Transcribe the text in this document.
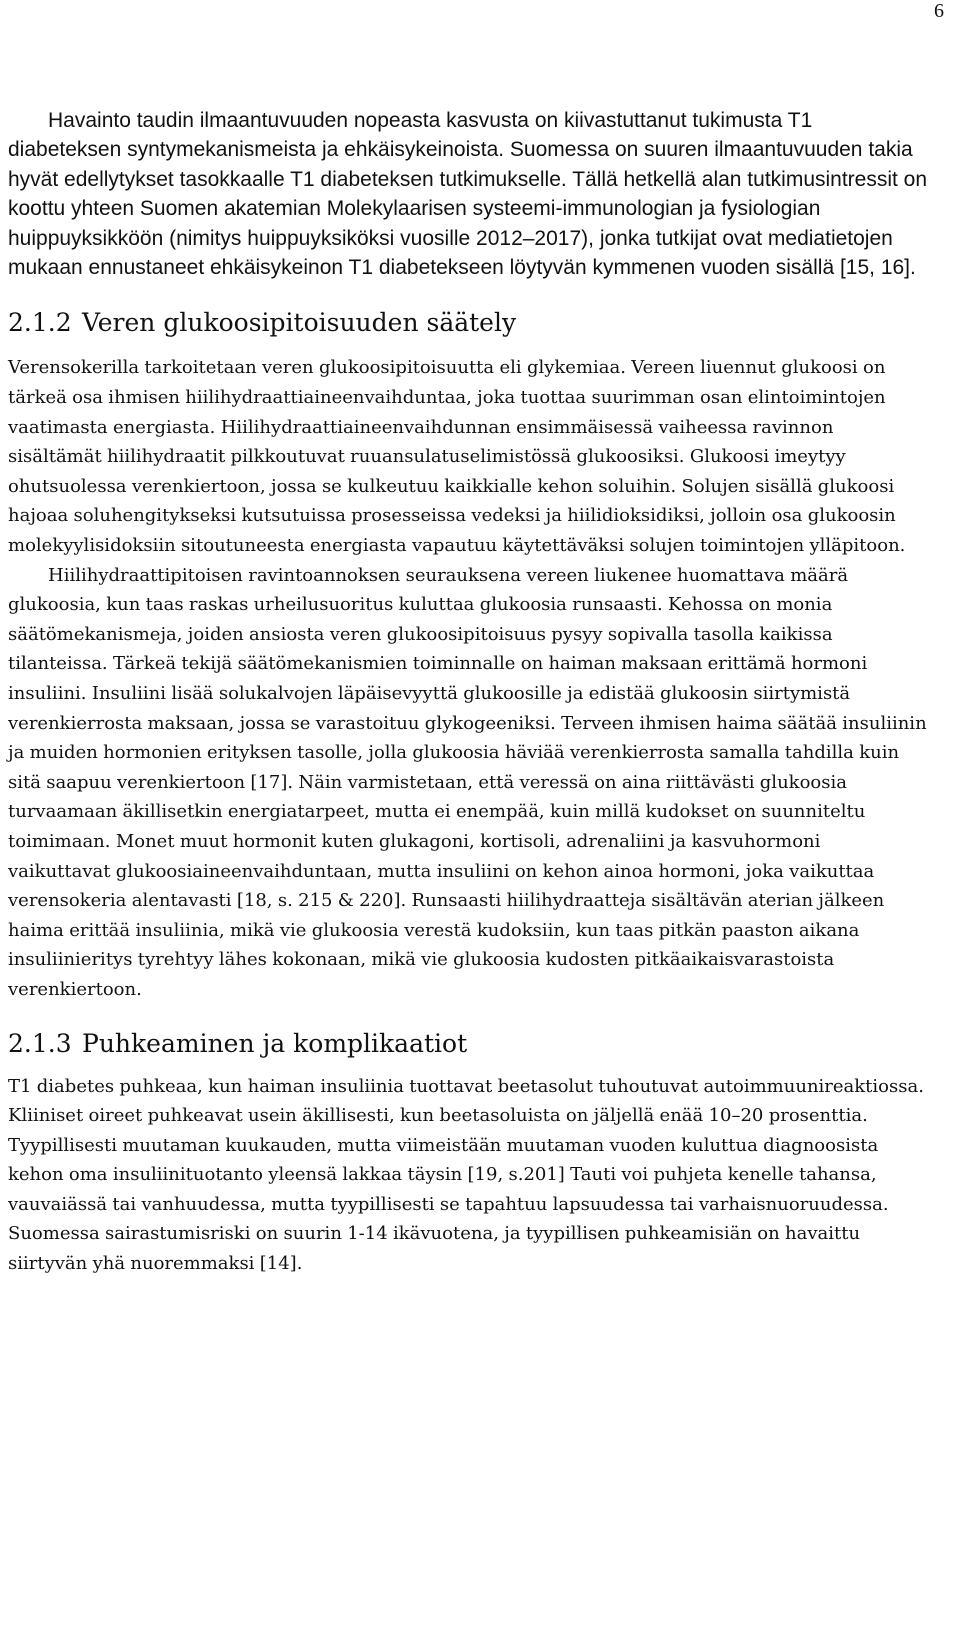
6

Havainto taudin ilmaantuvuuden nopeasta kasvusta on kiivastuttanut tukimusta T1 diabeteksen syntymekanismeista ja ehkäisykeinoista. Suomessa on suuren ilmaantuvuuden takia hyvät edellytykset tasokkaalle T1 diabeteksen tutkimukselle. Tällä hetkellä alan tutkimusintressit on koottu yhteen Suomen akatemian Molekylaarisen systeemi-immunologian ja fysiologian huippuyksikköön (nimitys huippuyksiköksi vuosille 2012–2017), jonka tutkijat ovat mediatietojen mukaan ennustaneet ehkäisykeinon T1 diabetekseen löytyvän kymmenen vuoden sisällä [15, 16].

2.1.2 Veren glukoosipitoisuuden säätely

Verensokerilla tarkoitetaan veren glukoosipitoisuutta eli glykemiaa. Vereen liuennut glukoosi on tärkeä osa ihmisen hiilihydraattiaineenvaihduntaa, joka tuottaa suurimman osan elintoimintojen vaatimasta energiasta. Hiilihydraattiaineenvaihdunnan ensimmäisessä vaiheessa ravinnon sisältämät hiilihydraatit pilkkoutuvat ruuansulatuselimistössä glukoosiksi. Glukoosi imeytyy ohutsuolessa verenkiertoon, jossa se kulkeutuu kaikkialle kehon soluihin. Solujen sisällä glukoosi hajoaa soluhengitykseksi kutsutuissa prosesseissa vedeksi ja hiilidioksidiksi, jolloin osa glukoosin molekyylisidoksiin sitoutuneesta energiasta vapautuu käytettäväksi solujen toimintojen ylläpitoon.

Hiilihydraattipitoisen ravintoannoksen seurauksena vereen liukenee huomattava määrä glukoosia, kun taas raskas urheilusuoritus kuluttaa glukoosia runsaasti. Kehossa on monia säätömekanismeja, joiden ansiosta veren glukoosipitoisuus pysyy sopivalla tasolla kaikissa tilanteissa. Tärkeä tekijä säätömekanismien toiminnalle on haiman maksaan erittämä hormoni insuliini. Insuliini lisää solukalvojen läpäisevyyttä glukoosille ja edistää glukoosin siirtymistä verenkierrosta maksaan, jossa se varastoituu glykogeeniksi. Terveen ihmisen haima säätää insuliinin ja muiden hormonien erityksen tasolle, jolla glukoosia häviää verenkierrosta samalla tahdilla kuin sitä saapuu verenkiertoon [17]. Näin varmistetaan, että veressä on aina riittävästi glukoosia turvaamaan äkillisetkin energiatarpeet, mutta ei enempää, kuin millä kudokset on suunniteltu toimimaan. Monet muut hormonit kuten glukagoni, kortisoli, adrenaliini ja kasvuhormoni vaikuttavat glukoosiaineenvaihduntaan, mutta insuliini on kehon ainoa hormoni, joka vaikuttaa verensokeria alentavasti [18, s. 215 & 220]. Runsaasti hiilihydraatteja sisältävän aterian jälkeen haima erittää insuliinia, mikä vie glukoosia verestä kudoksiin, kun taas pitkän paaston aikana insuliinieritys tyrehtyy lähes kokonaan, mikä vie glukoosia kudosten pitkäaikaisvarastoista verenkiertoon.

2.1.3 Puhkeaminen ja komplikaatiot

T1 diabetes puhkeaa, kun haiman insuliinia tuottavat beetasolut tuhoutuvat autoimmuunireaktiossa. Kliiniset oireet puhkeavat usein äkillisesti, kun beetasoluista on jäljellä enää 10–20 prosenttia. Tyypillisesti muutaman kuukauden, mutta viimeistään muutaman vuoden kuluttua diagnoosista kehon oma insuliinituotanto yleensä lakkaa täysin [19, s.201] Tauti voi puhjeta kenelle tahansa, vauvaiässä tai vanhuudessa, mutta tyypillisesti se tapahtuu lapsuudessa tai varhaisnuoruudessa. Suomessa sairastumisriski on suurin 1-14 ikävuotena, ja tyypillisen puhkeamisiän on havaittu siirtyvän yhä nuoremmaksi [14].
